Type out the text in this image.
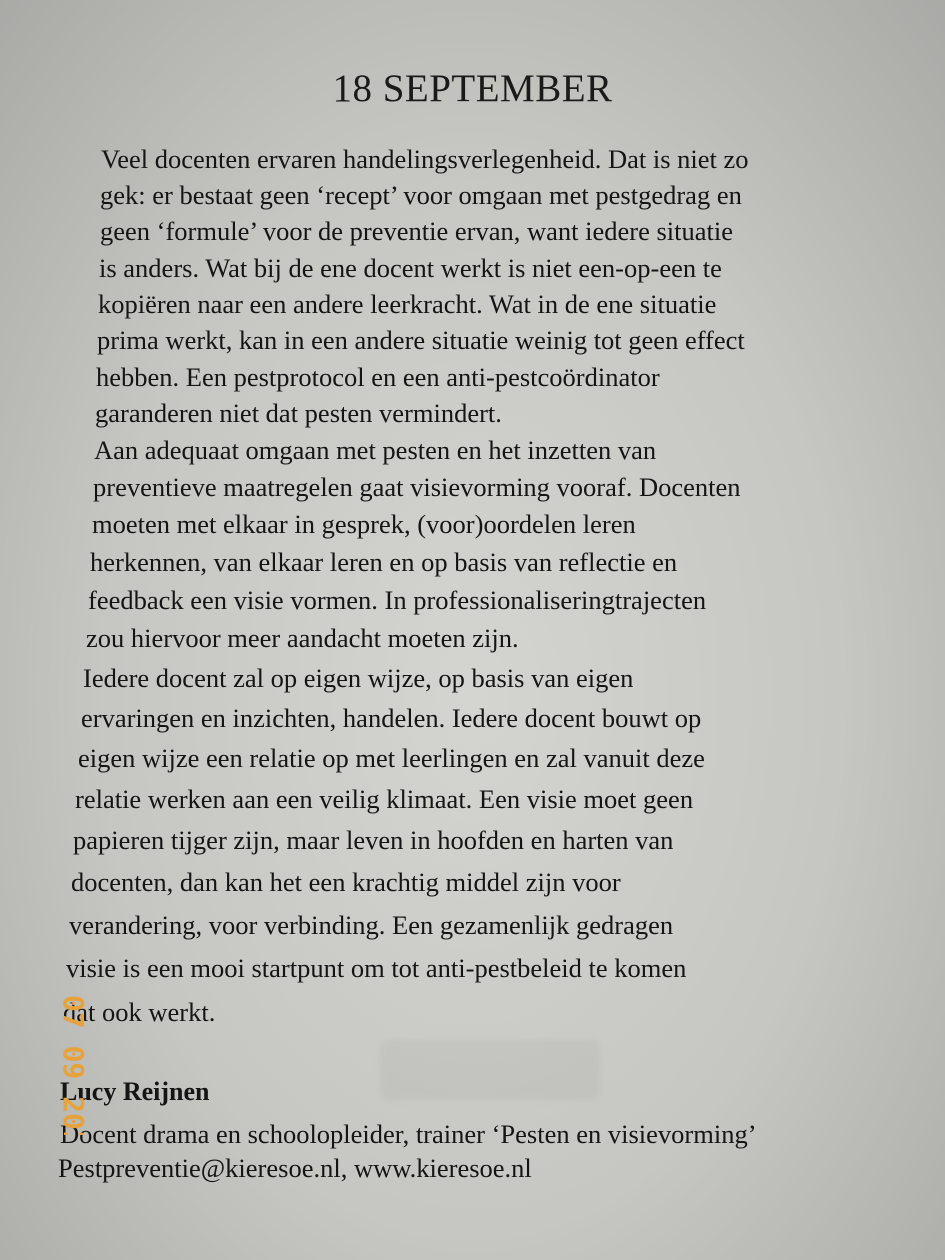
18 SEPTEMBER
Veel docenten ervaren handelingsverlegenheid. Dat is niet zo
gek: er bestaat geen ‘recept’ voor omgaan met pestgedrag en
geen ‘formule’ voor de preventie ervan, want iedere situatie
is anders. Wat bij de ene docent werkt is niet een-op-een te
kopiëren naar een andere leerkracht. Wat in de ene situatie
prima werkt, kan in een andere situatie weinig tot geen effect
hebben. Een pestprotocol en een anti-pestcoördinator
garanderen niet dat pesten vermindert.
Aan adequaat omgaan met pesten en het inzetten van
preventieve maatregelen gaat visievorming vooraf. Docenten
moeten met elkaar in gesprek, (voor)oordelen leren
herkennen, van elkaar leren en op basis van reflectie en
feedback een visie vormen. In professionaliseringtrajecten
zou hiervoor meer aandacht moeten zijn.
Iedere docent zal op eigen wijze, op basis van eigen
ervaringen en inzichten, handelen. Iedere docent bouwt op
eigen wijze een relatie op met leerlingen en zal vanuit deze
relatie werken aan een veilig klimaat. Een visie moet geen
papieren tijger zijn, maar leven in hoofden en harten van
docenten, dan kan het een krachtig middel zijn voor
verandering, voor verbinding. Een gezamenlijk gedragen
visie is een mooi startpunt om tot anti-pestbeleid te komen
dat ook werkt.
Lucy Reijnen
Docent drama en schoolopleider, trainer ‘Pesten en visievorming’
Pestpreventie@kieresoe.nl, www.kieresoe.nl
07 09 2017
